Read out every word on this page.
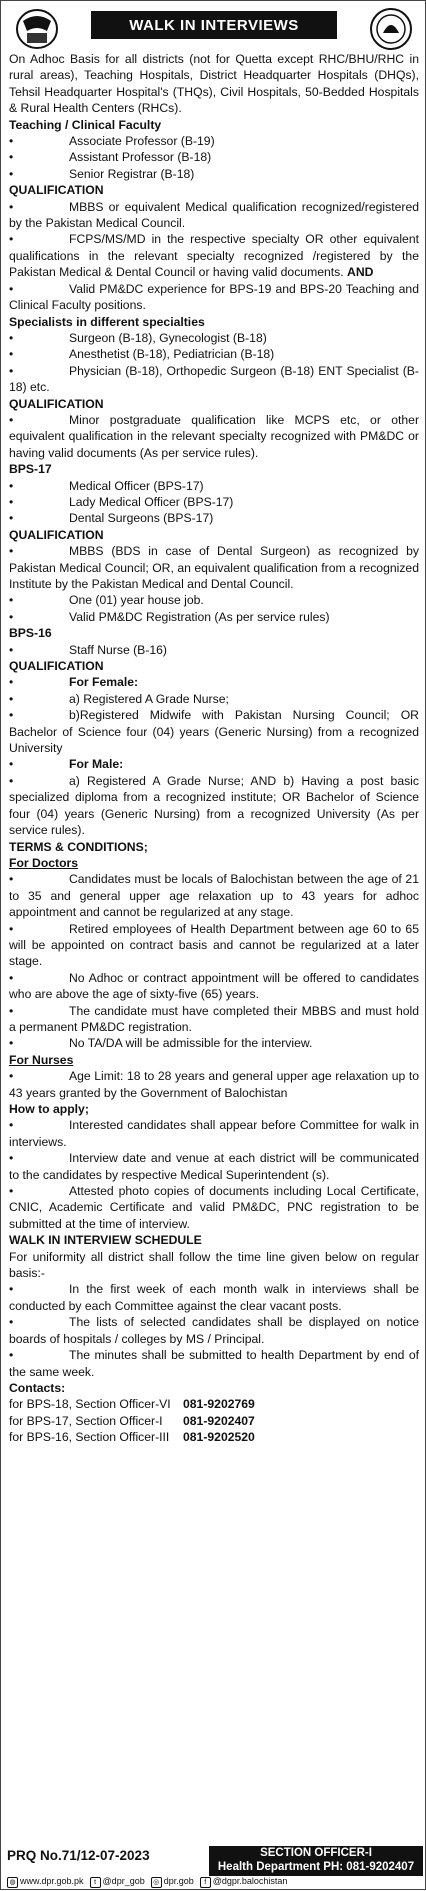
WALK IN INTERVIEWS

On Adhoc Basis for all districts (not for Quetta except RHC/BHU/RHC in rural areas), Teaching Hospitals, District Headquarter Hospitals (DHQs), Tehsil Headquarter Hospital's (THQs), Civil Hospitals, 50-Bedded Hospitals & Rural Health Centers (RHCs).

Teaching / Clinical Faculty

•
Associate Professor (B-19)
•
Assistant Professor (B-18)
•
Senior Registrar (B-18)

QUALIFICATION

• MBBS or equivalent Medical qualification recognized/registered by the Pakistan Medical Council.

• FCPS/MS/MD in the respective specialty OR other equivalent qualifications in the relevant specialty recognized /registered by the Pakistan Medical & Dental Council or having valid documents. AND

• Valid PM&DC experience for BPS-19 and BPS-20 Teaching and Clinical Faculty positions.

Specialists in different specialties

•
Surgeon (B-18), Gynecologist (B-18)
•
Anesthetist (B-18), Pediatrician (B-18)

• Physician (B-18), Orthopedic Surgeon (B-18) ENT Specialist (B-18) etc.

QUALIFICATION

• Minor postgraduate qualification like MCPS etc, or other equivalent qualification in the relevant specialty recognized with PM&DC or having valid documents (As per service rules).

BPS-17

•
Medical Officer (BPS-17)
•
Lady Medical Officer (BPS-17)
•
Dental Surgeons (BPS-17)

QUALIFICATION

• MBBS (BDS in case of Dental Surgeon) as recognized by Pakistan Medical Council; OR, an equivalent qualification from a recognized Institute by the Pakistan Medical and Dental Council.

•
One (01) year house job.
•
Valid PM&DC Registration (As per service rules)

BPS-16

•
Staff Nurse (B-16)

QUALIFICATION

•
For Female:
•
a) Registered A Grade Nurse;

• b)Registered Midwife with Pakistan Nursing Council; OR Bachelor of Science four (04) years (Generic Nursing) from a recognized University

•
For Male:

• a) Registered A Grade Nurse; AND b) Having a post basic specialized diploma from a recognized institute; OR Bachelor of Science four (04) years (Generic Nursing) from a recognized University (As per service rules).

TERMS & CONDITIONS;

For Doctors

• Candidates must be locals of Balochistan between the age of 21 to 35 and general upper age relaxation up to 43 years for adhoc appointment and cannot be regularized at any stage.

• Retired employees of Health Department between age 60 to 65 will be appointed on contract basis and cannot be regularized at a later stage.

• No Adhoc or contract appointment will be offered to candidates who are above the age of sixty-five (65) years.

• The candidate must have completed their MBBS and must hold a permanent PM&DC registration.

• No TA/DA will be admissible for the interview.

For Nurses

• Age Limit: 18 to 28 years and general upper age relaxation up to 43 years granted by the Government of Balochistan

How to apply;

• Interested candidates shall appear before Committee for walk in interviews.

• Interview date and venue at each district will be communicated to the candidates by respective Medical Superintendent (s).

• Attested photo copies of documents including Local Certificate, CNIC, Academic Certificate and valid PM&DC, PNC registration to be submitted at the time of interview.

WALK IN INTERVIEW SCHEDULE

For uniformity all district shall follow the time line given below on regular basis:-

• In the first week of each month walk in interviews shall be conducted by each Committee against the clear vacant posts.

• The lists of selected candidates shall be displayed on notice boards of hospitals / colleges by MS / Principal.

• The minutes shall be submitted to health Department by end of the same week.

Contacts:

for BPS-18, Section Officer-VI	081-9202769
for BPS-17, Section Officer-I	081-9202407
for BPS-16, Section Officer-III	081-9202520
PRQ No.71/12-07-2023	SECTION OFFICER-I
Health Department PH: 081-9202407
◍ www.dpr.gob.pk	t @dpr_gob	◎ dpr.gob	f @dgpr.balochistan
